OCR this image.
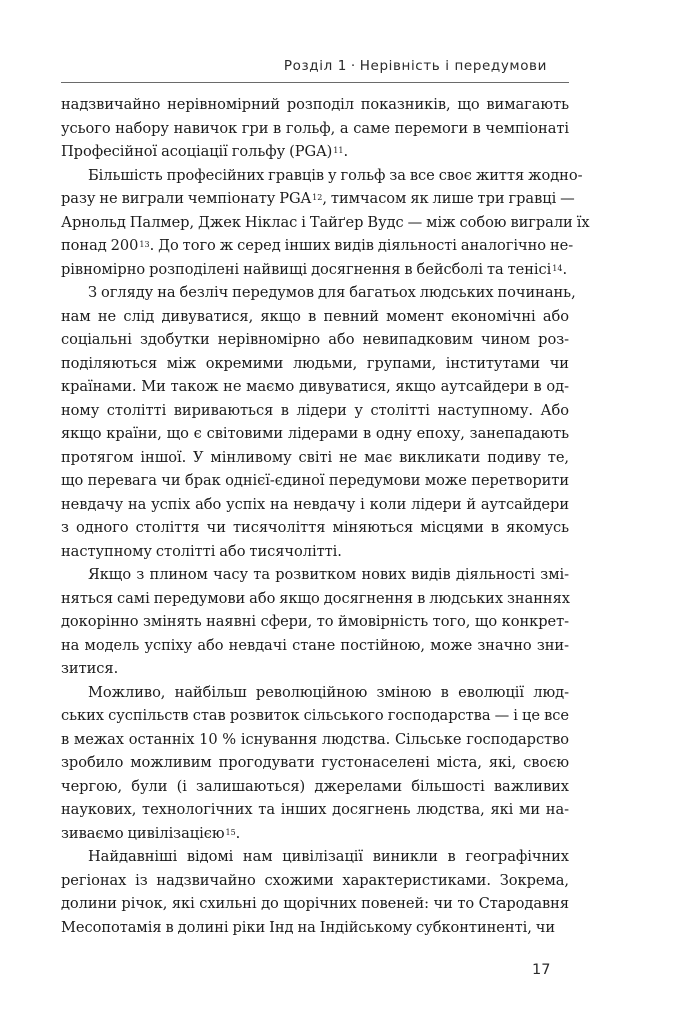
Розділ 1 · Нерівність і передумови
надзвичайно нерівномірний розподіл показників, що вимагають
усього набору навичок гри в гольф, а саме перемоги в чемпіонаті
Професійної асоціації гольфу (PGA)$^{11}$.
Більшість професійних гравців у гольф за все своє життя жодно-
разу не виграли чемпіонату PGA$^{12}$, тимчасом як лише три гравці —
Арнольд Палмер, Джек Ніклас і Тайґер Вудс — між собою виграли їх
понад 200$^{13}$. До того ж серед інших видів діяльності аналогічно не-
рівномірно розподілені найвищі досягнення в бейсболі та тенісі$^{14}$.
З огляду на безліч передумов для багатьох людських починань,
нам не слід дивуватися, якщо в певний момент економічні або
соціальні здобутки нерівномірно або невипадковим чином роз-
поділяються між окремими людьми, групами, інститутами чи
країнами. Ми також не маємо дивуватися, якщо аутсайдери в од-
ному столітті вириваються в лідери у столітті наступному. Або
якщо країни, що є світовими лідерами в одну епоху, занепадають
протягом іншої. У мінливому світі не має викликати подиву те,
що перевага чи брак однієї-єдиної передумови може перетворити
невдачу на успіх або успіх на невдачу і коли лідери й аутсайдери
з одного століття чи тисячоліття міняються місцями в якомусь
наступному столітті або тисячолітті.
Якщо з плином часу та розвитком нових видів діяльності змі-
няться самі передумови або якщо досягнення в людських знаннях
докорінно змінять наявні сфери, то ймовірність того, що конкрет-
на модель успіху або невдачі стане постійною, може значно зни-
зитися.
Можливо, найбільш революційною зміною в еволюції люд-
ських суспільств став розвиток сільського господарства — і це все
в межах останніх 10 % існування людства. Сільське господарство
зробило можливим прогодувати густонаселені міста, які, своєю
чергою, були (і залишаються) джерелами більшості важливих
наукових, технологічних та інших досягнень людства, які ми на-
зиваємо цивілізацією$^{15}$.
Найдавніші відомі нам цивілізації виникли в географічних
регіонах із надзвичайно схожими характеристиками. Зокрема,
долини річок, які схильні до щорічних повеней: чи то Стародавня
Месопотамія в долині ріки Інд на Індійському субконтиненті, чи
17
